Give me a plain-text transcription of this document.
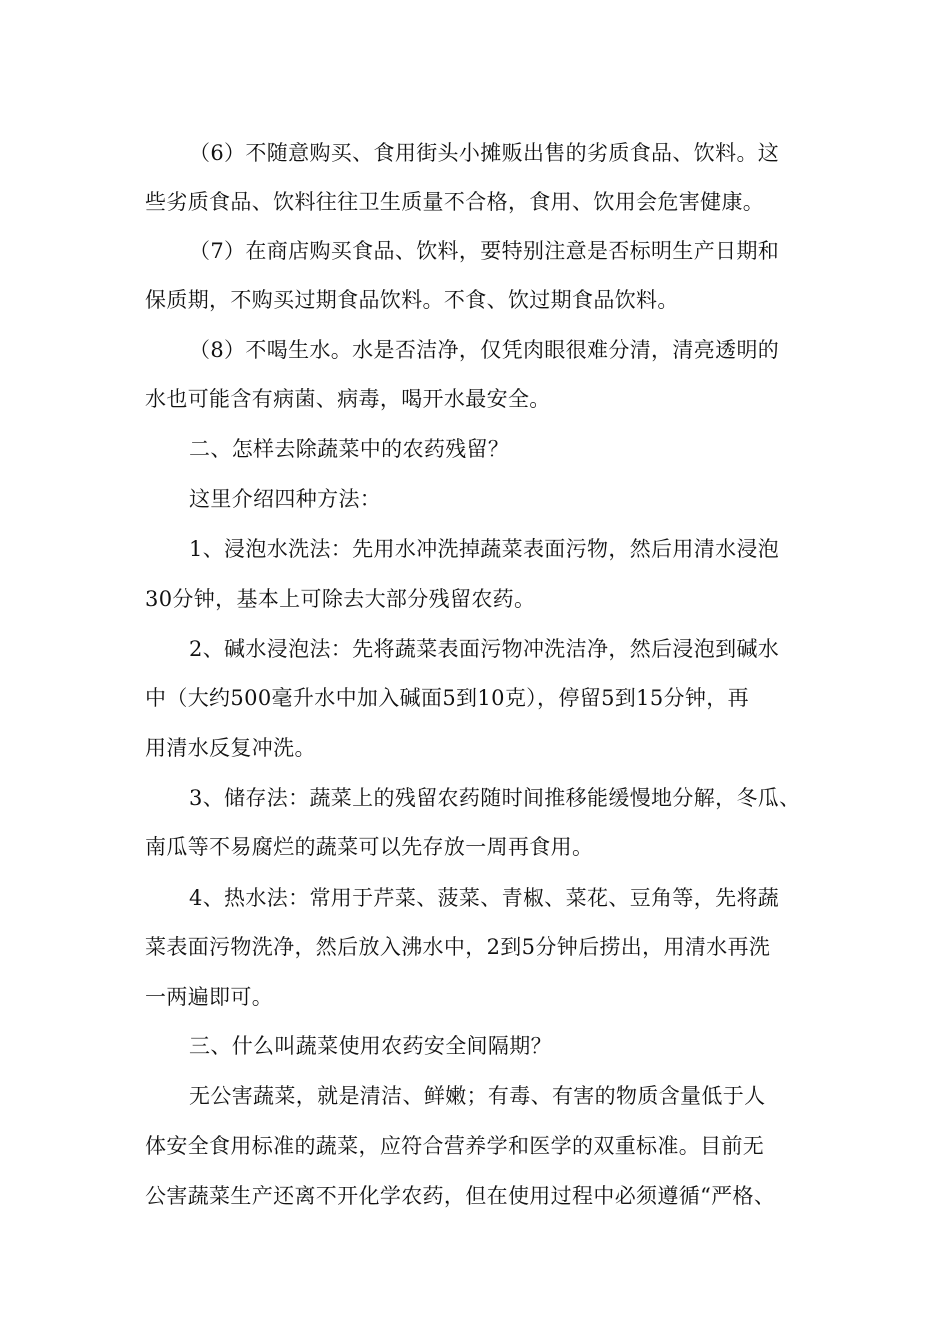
（6）不随意购买、食用街头小摊贩出售的劣质食品、饮料。这
些劣质食品、饮料往往卫生质量不合格，食用、饮用会危害健康。
（7）在商店购买食品、饮料，要特别注意是否标明生产日期和
保质期，不购买过期食品饮料。不食、饮过期食品饮料。
（8）不喝生水。水是否洁净，仅凭肉眼很难分清，清亮透明的
水也可能含有病菌、病毒，喝开水最安全。
二、怎样去除蔬菜中的农药残留？
这里介绍四种方法：
1、浸泡水洗法：先用水冲洗掉蔬菜表面污物，然后用清水浸泡
30分钟，基本上可除去大部分残留农药。
2、碱水浸泡法：先将蔬菜表面污物冲洗洁净，然后浸泡到碱水
中（大约500毫升水中加入碱面5到10克），停留5到15分钟，再
用清水反复冲洗。
3、储存法：蔬菜上的残留农药随时间推移能缓慢地分解，冬瓜、
南瓜等不易腐烂的蔬菜可以先存放一周再食用。
4、热水法：常用于芹菜、菠菜、青椒、菜花、豆角等，先将蔬
菜表面污物洗净，然后放入沸水中，2到5分钟后捞出，用清水再洗
一两遍即可。
三、什么叫蔬菜使用农药安全间隔期？
无公害蔬菜，就是清洁、鲜嫩；有毒、有害的物质含量低于人
体安全食用标准的蔬菜，应符合营养学和医学的双重标准。目前无
公害蔬菜生产还离不开化学农药，但在使用过程中必须遵循“严格、
